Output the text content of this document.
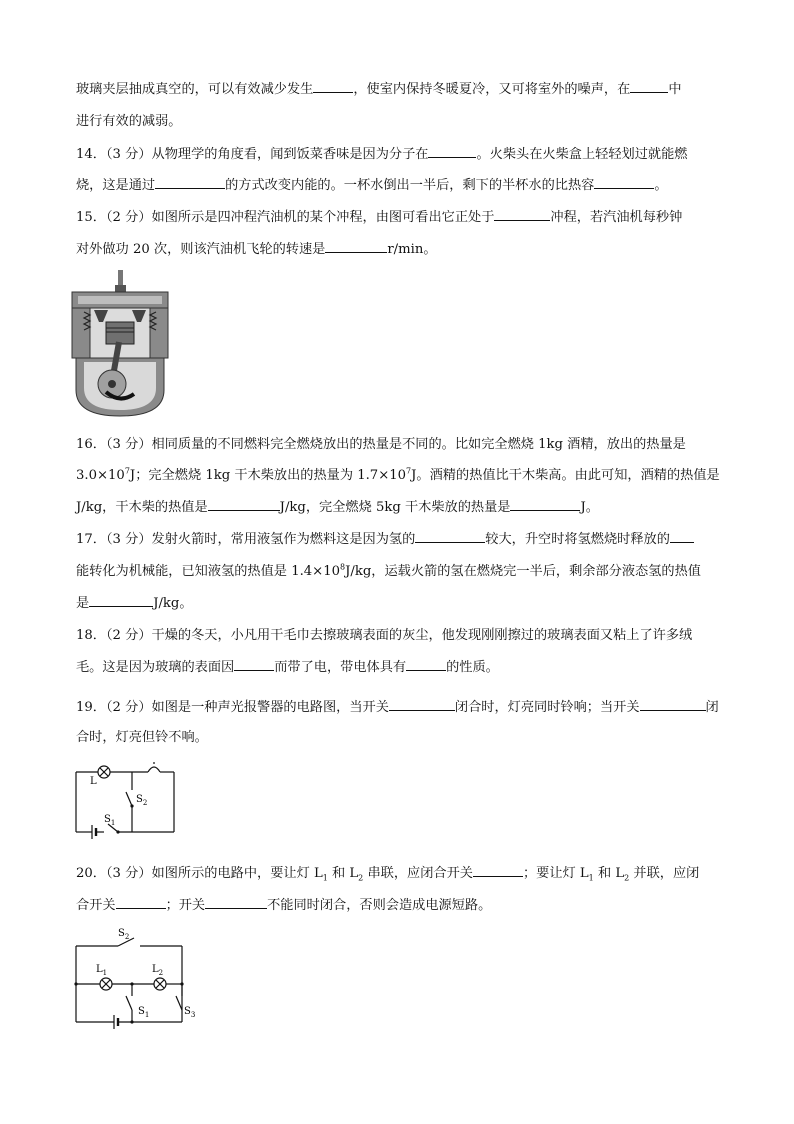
玻璃夹层抽成真空的，可以有效减少发生	，使室内保持冬暖夏冷，又可将室外的噪声，在	中
进行有效的减弱。
14．（3 分）从物理学的角度看，闻到饭菜香味是因为分子在	。火柴头在火柴盒上轻轻划过就能燃
烧，这是通过	的方式改变内能的。一杯水倒出一半后，剩下的半杯水的比热容	。
15．（2 分）如图所示是四冲程汽油机的某个冲程，由图可看出它正处于	冲程，若汽油机每秒钟
对外做功 20 次，则该汽油机飞轮的转速是	r/min。
16．（3 分）相同质量的不同燃料完全燃烧放出的热量是不同的。比如完全燃烧 1kg 酒精，放出的热量是
$3.0\times 10^7J$；完全燃烧 1kg 干木柴放出的热量为 $1.7\times 10^7J$。酒精的热值比干木柴高。由此可知，酒精的热值是
J/kg，干木柴的热值是	J/kg，完全燃烧 5kg 干木柴放的热量是	J。
17．（3 分）发射火箭时，常用液氢作为燃料这是因为氢的	较大，升空时将氢燃烧时释放的
能转化为机械能，已知液氢的热值是 $1.4\times 10^8J/kg$，运载火箭的氢在燃烧完一半后，剩余部分液态氢的热值
是	J/kg。
18．（2 分）干燥的冬天，小凡用干毛巾去擦玻璃表面的灰尘，他发现刚刚擦过的玻璃表面又粘上了许多绒
毛。这是因为玻璃的表面因	而带了电，带电体具有	的性质。
19．（2 分）如图是一种声光报警器的电路图，当开关	闭合时，灯亮同时铃响；当开关	闭
合时，灯亮但铃不响。
L
$S_2$
$S_1$
20．（3 分）如图所示的电路中，要让灯 $L_1$ 和 $L_2$ 串联，应闭合开关	；要让灯 $L_1$ 和 $L_2$ 并联，应闭
合开关	；开关	不能同时闭合，否则会造成电源短路。
$S_2$
$L_1$	$L_2$
$S_1$	$S_3$
